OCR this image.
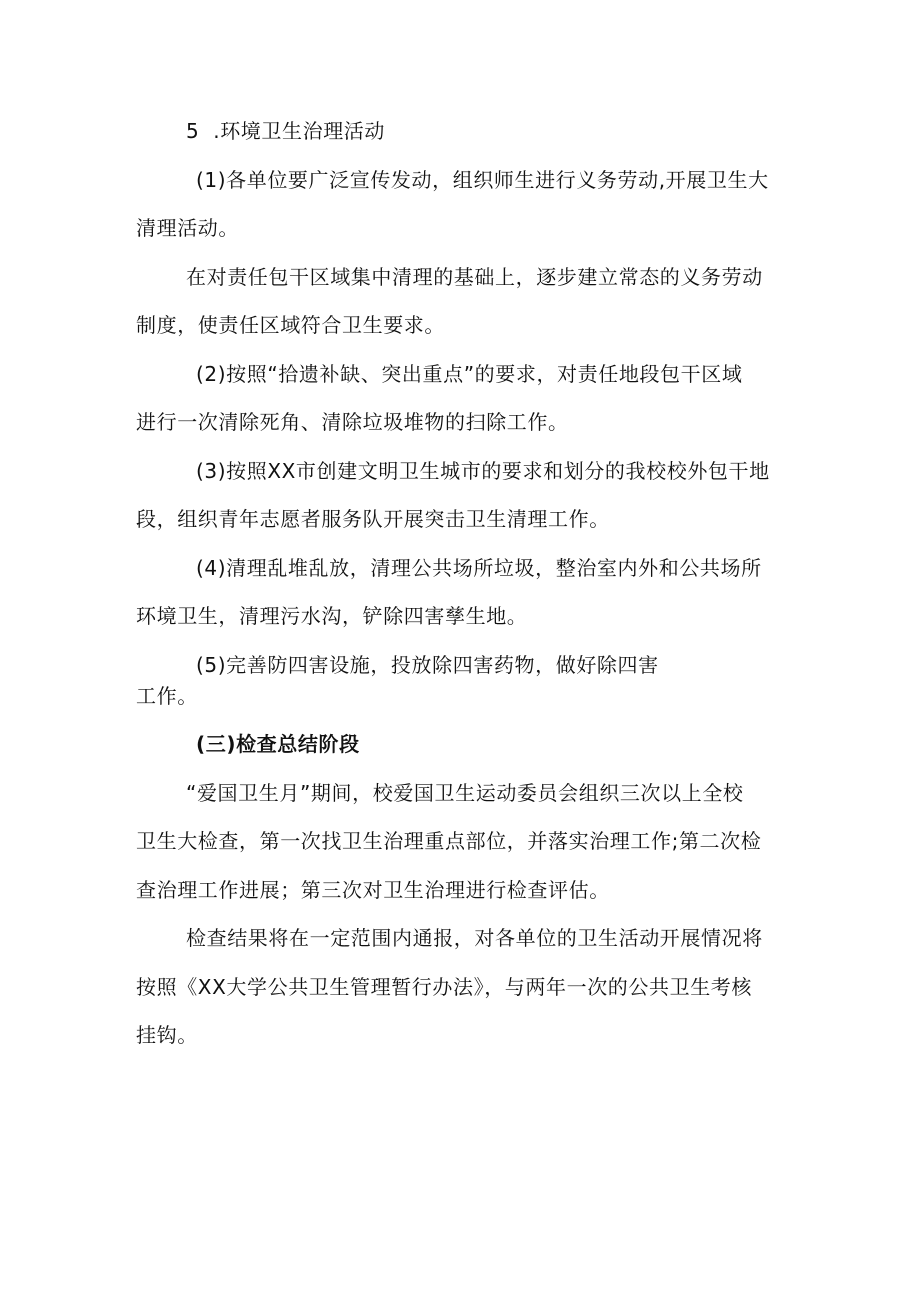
5  .环境卫生治理活动
(1)各单位要广泛宣传发动，组织师生进行义务劳动,开展卫生大
清理活动。
在对责任包干区域集中清理的基础上，逐步建立常态的义务劳动
制度，使责任区域符合卫生要求。
(2)按照“拾遗补缺、突出重点”的要求，对责任地段包干区域
进行一次清除死角、清除垃圾堆物的扫除工作。
(3)按照XX市创建文明卫生城市的要求和划分的我校校外包干地
段，组织青年志愿者服务队开展突击卫生清理工作。
(4)清理乱堆乱放，清理公共场所垃圾，整治室内外和公共场所
环境卫生，清理污水沟，铲除四害孳生地。
(5)完善防四害设施，投放除四害药物，做好除四害
工作。
(三)检查总结阶段
“爱国卫生月”期间，校爱国卫生运动委员会组织三次以上全校
卫生大检查，第一次找卫生治理重点部位，并落实治理工作;第二次检
查治理工作进展；第三次对卫生治理进行检查评估。
检查结果将在一定范围内通报，对各单位的卫生活动开展情况将
按照《XX大学公共卫生管理暂行办法》，与两年一次的公共卫生考核
挂钩。
